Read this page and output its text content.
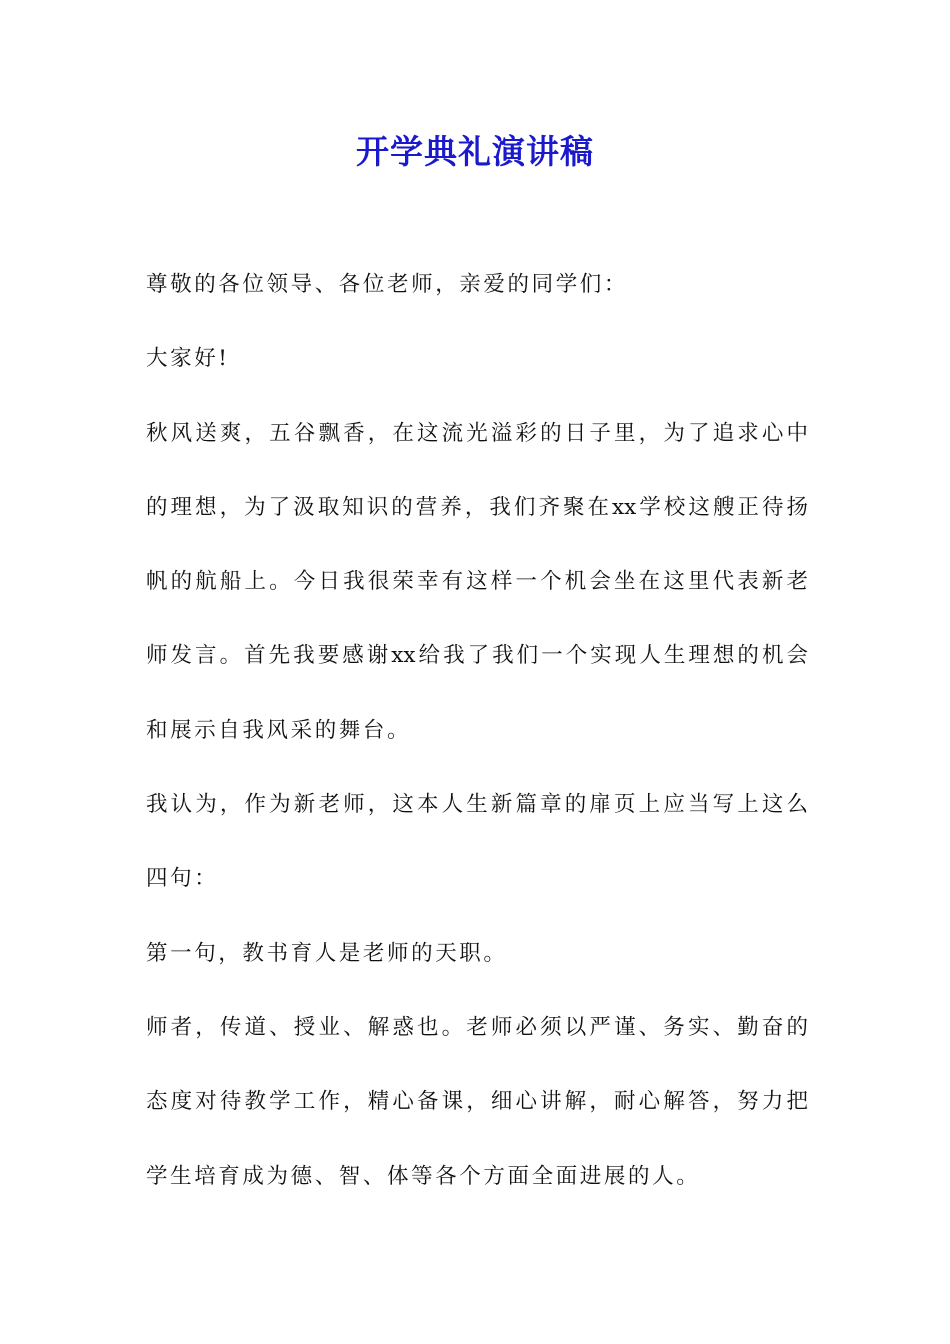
开学典礼演讲稿
尊敬的各位领导、各位老师，亲爱的同学们：
大家好!
秋风送爽，五谷飘香，在这流光溢彩的日子里，为了追求心中
的理想，为了汲取知识的营养，我们齐聚在xx学校这艘正待扬
帆的航船上。今日我很荣幸有这样一个机会坐在这里代表新老
师发言。首先我要感谢xx给我了我们一个实现人生理想的机会
和展示自我风采的舞台。
我认为，作为新老师，这本人生新篇章的扉页上应当写上这么
四句：
第一句，教书育人是老师的天职。
师者，传道、授业、解惑也。老师必须以严谨、务实、勤奋的
态度对待教学工作，精心备课，细心讲解，耐心解答，努力把
学生培育成为德、智、体等各个方面全面进展的人。
